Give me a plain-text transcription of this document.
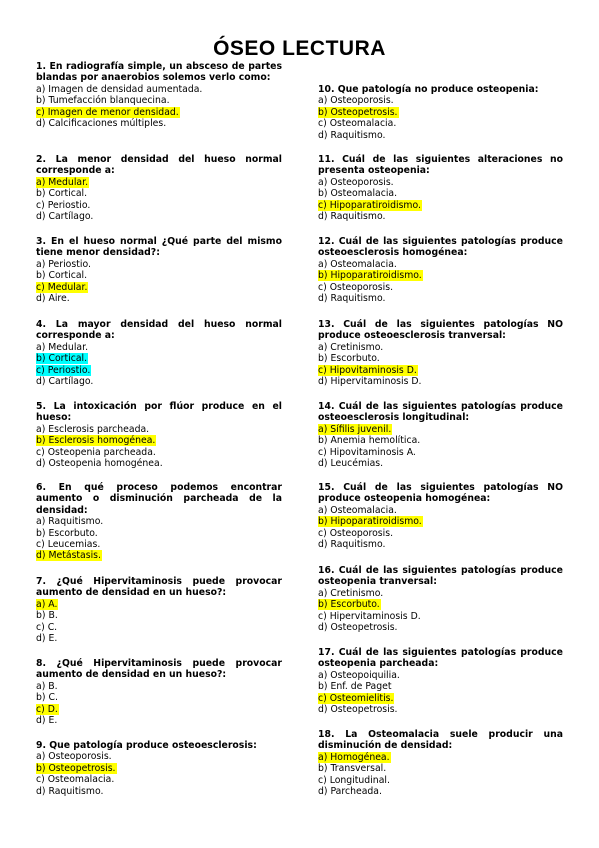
ÓSEO LECTURA
1. En radiografía simple, un absceso de partes blandas por anaerobios solemos verlo como:
a) Imagen de densidad aumentada.
b) Tumefacción blanquecina.
c) Imagen de menor densidad.
d) Calcificaciones múltiples.
2. La menor densidad del hueso normal corresponde a:
a) Medular.
b) Cortical.
c) Periostio.
d) Cartílago.
3. En el hueso normal ¿Qué parte del mismo tiene menor densidad?:
a) Periostio.
b) Cortical.
c) Medular.
d) Aire.
4. La mayor densidad del hueso normal corresponde a:
a) Medular.
b) Cortical.
c) Periostio.
d) Cartílago.
5. La intoxicación por flúor produce en el hueso:
a) Esclerosis parcheada.
b) Esclerosis homogénea.
c) Osteopenia parcheada.
d) Osteopenia homogénea.
6. En qué proceso podemos encontrar aumento o disminución parcheada de la densidad:
a) Raquitismo.
b) Escorbuto.
c) Leucemias.
d) Metástasis.
7. ¿Qué Hipervitaminosis puede provocar aumento de densidad en un hueso?:
a) A.
b) B.
c) C.
d) E.
8. ¿Qué Hipervitaminosis puede provocar aumento de densidad en un hueso?:
a) B.
b) C.
c) D.
d) E.
9. Que patología produce osteoesclerosis:
a) Osteoporosis.
b) Osteopetrosis.
c) Osteomalacia.
d) Raquitismo.
10. Que patología no produce osteopenia:
a) Osteoporosis.
b) Osteopetrosis.
c) Osteomalacia.
d) Raquitismo.
11. Cuál de las siguientes alteraciones no presenta osteopenia:
a) Osteoporosis.
b) Osteomalacia.
c) Hipoparatiroidismo.
d) Raquitismo.
12. Cuál de las siguientes patologías produce osteoesclerosis homogénea:
a) Osteomalacia.
b) Hipoparatiroidismo.
c) Osteoporosis.
d) Raquitismo.
13. Cuál de las siguientes patologías NO produce osteoesclerosis tranversal:
a) Cretinismo.
b) Escorbuto.
c) Hipovitaminosis D.
d) Hipervitaminosis D.
14. Cuál de las siguientes patologías produce osteoesclerosis longitudinal:
a) Sífilis juvenil.
b) Anemia hemolítica.
c) Hipovitaminosis A.
d) Leucémias.
15. Cuál de las siguientes patologías NO produce osteopenia homogénea:
a) Osteomalacia.
b) Hipoparatiroidismo.
c) Osteoporosis.
d) Raquitismo.
16. Cuál de las siguientes patologías produce osteopenia tranversal:
a) Cretinismo.
b) Escorbuto.
c) Hipervitaminosis D.
d) Osteopetrosis.
17. Cuál de las siguientes patologías produce osteopenia parcheada:
a) Osteopoiquilia.
b) Enf. de Paget
c) Osteomielitis.
d) Osteopetrosis.
18. La Osteomalacia suele producir una disminución de densidad:
a) Homogénea.
b) Transversal.
c) Longitudinal.
d) Parcheada.
